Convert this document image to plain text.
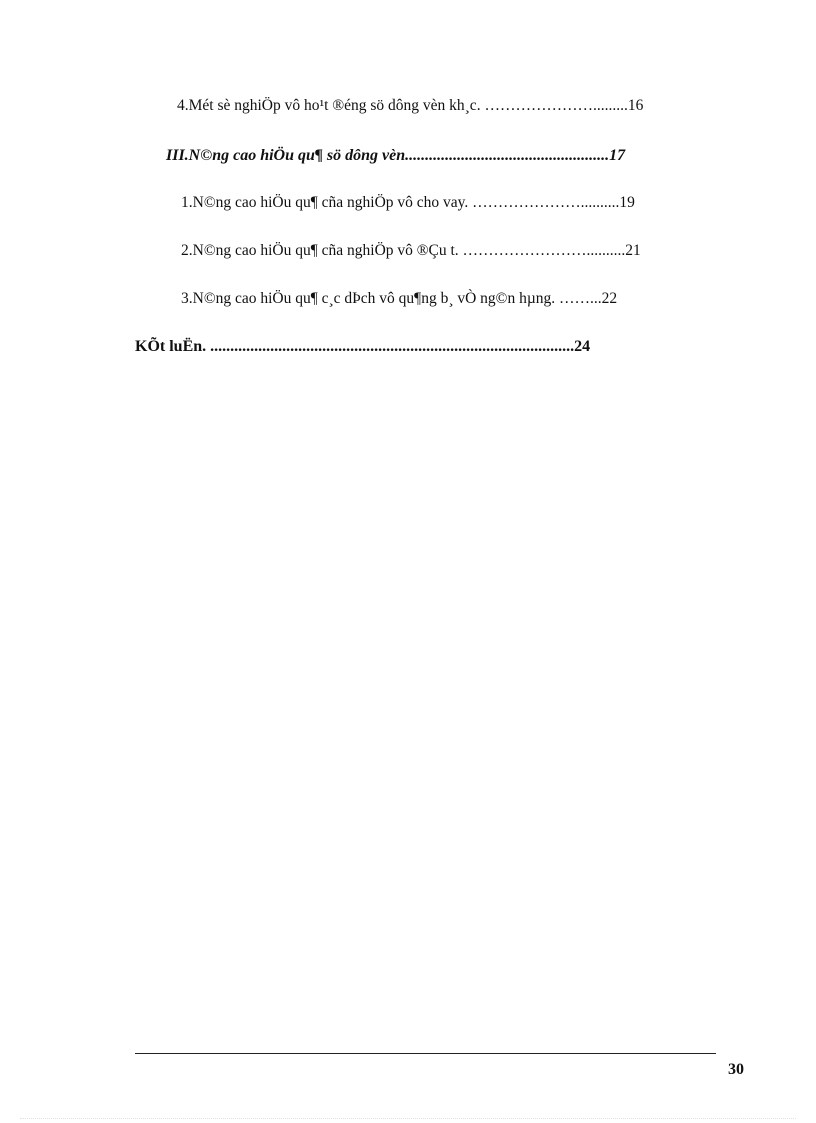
4.Mét sè nghiÖp vô ho¹t ®éng sö dông vèn kh¸c. ………………….........16
III.N©ng cao hiÖu qu¶ sö dông vèn...................................................17
1.N©ng cao hiÖu qu¶ cña nghiÖp vô cho vay. …………………..........19
2.N©ng cao hiÖu qu¶ cña nghiÖp vô ®Çu t. ……………………..........21
3.N©ng cao hiÖu qu¶ c¸c dÞch vô qu¶ng b¸ vÒ ng©n hµng. ……...22
KÕt luËn. ...........................................................................................24
30
